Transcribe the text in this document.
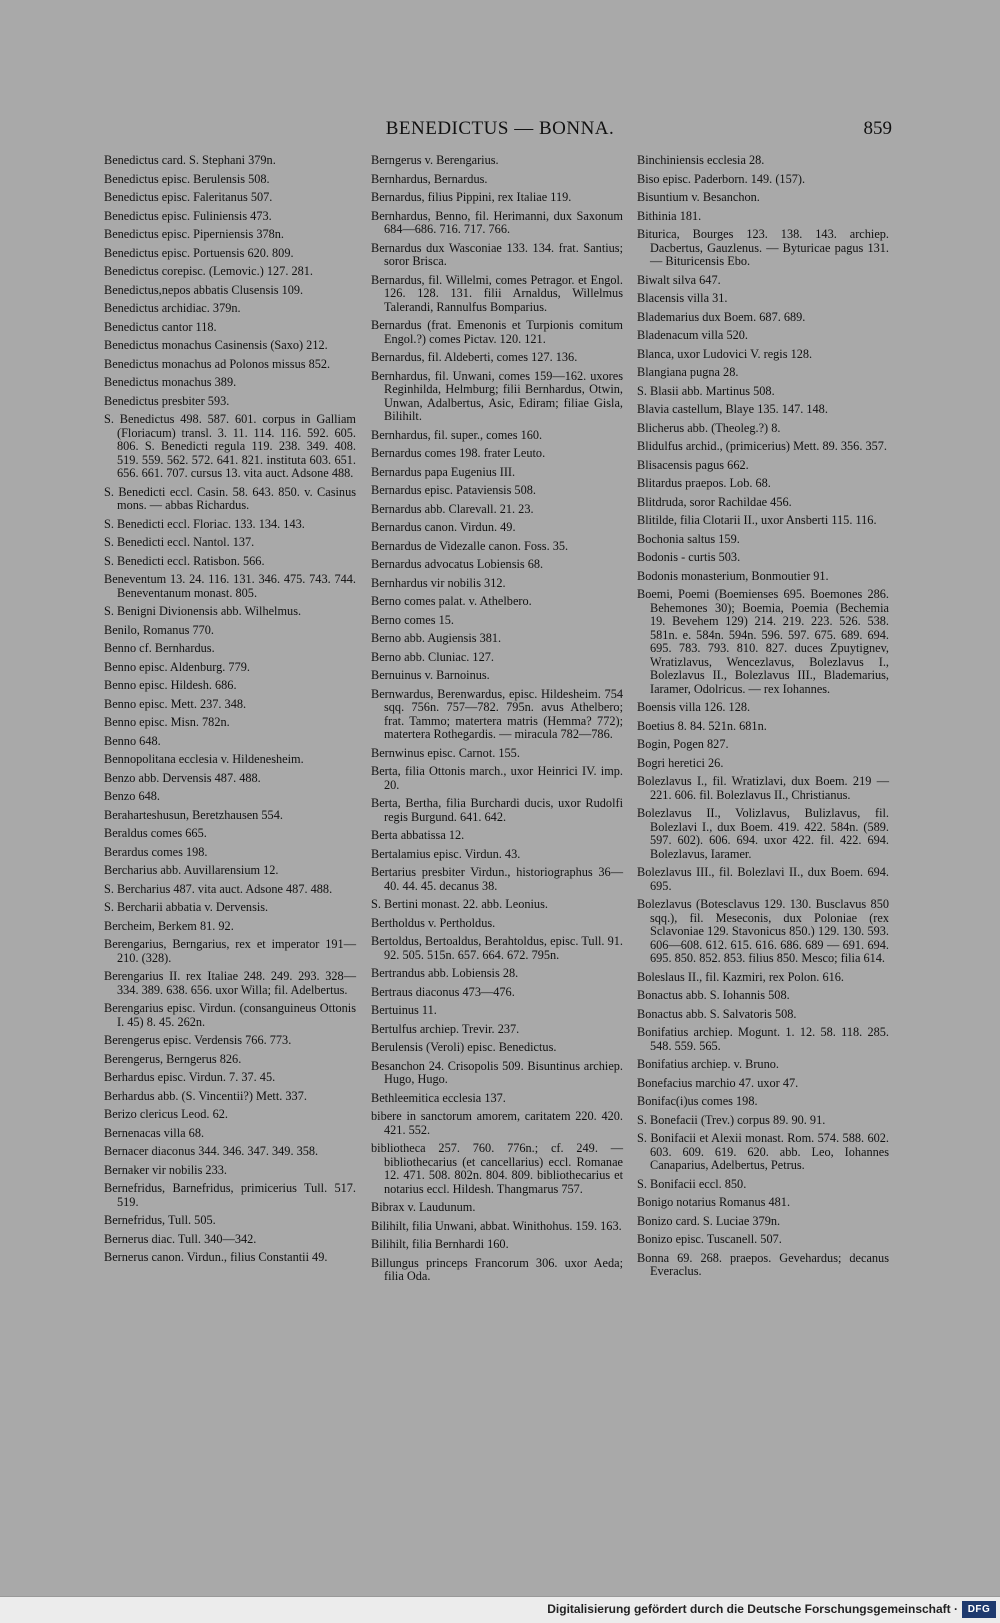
BENEDICTUS — BONNA.	859
Benedictus card. S. Stephani 379n.
Benedictus episc. Berulensis 508.
Benedictus episc. Faleritanus 507.
Benedictus episc. Fuliniensis 473.
Benedictus episc. Piperniensis 378n.
Benedictus episc. Portuensis 620. 809.
Benedictus corepisc. (Lemovic.) 127. 281.
Benedictus,nepos abbatis Clusensis 109.
Benedictus archidiac. 379n.
Benedictus cantor 118.
Benedictus monachus Casinensis (Saxo) 212.
Benedictus monachus ad Polonos missus 852.
Benedictus monachus 389.
Benedictus presbiter 593.
S. Benedictus 498. 587. 601. corpus in Galliam (Floriacum) transl. 3. 11. 114. 116. 592. 605. 806. S. Benedicti regula 119. 238. 349. 408. 519. 559. 562. 572. 641. 821. instituta 603. 651. 656. 661. 707. cursus 13. vita auct. Adsone 488.
S. Benedicti eccl. Casin. 58. 643. 850. v. Casinus mons. — abbas Richardus.
S. Benedicti eccl. Floriac. 133. 134. 143.
S. Benedicti eccl. Nantol. 137.
S. Benedicti eccl. Ratisbon. 566.
Beneventum 13. 24. 116. 131. 346. 475. 743. 744. Beneventanum monast. 805.
S. Benigni Divionensis abb. Wilhelmus.
Benilo, Romanus 770.
Benno cf. Bernhardus.
Benno episc. Aldenburg. 779.
Benno episc. Hildesh. 686.
Benno episc. Mett. 237. 348.
Benno episc. Misn. 782n.
Benno 648.
Bennopolitana ecclesia v. Hildenesheim.
Benzo abb. Dervensis 487. 488.
Benzo 648.
Beraharteshusun, Beretzhausen 554.
Beraldus comes 665.
Berardus comes 198.
Bercharius abb. Auvillarensium 12.
S. Bercharius 487. vita auct. Adsone 487. 488.
S. Bercharii abbatia v. Dervensis.
Bercheim, Berkem 81. 92.
Berengarius, Berngarius, rex et imperator 191—210. (328).
Berengarius II. rex Italiae 248. 249. 293. 328—334. 389. 638. 656. uxor Willa; fil. Adelbertus.
Berengarius episc. Virdun. (consanguineus Ottonis I. 45) 8. 45. 262n.
Berengerus episc. Verdensis 766. 773.
Berengerus, Berngerus 826.
Berhardus episc. Virdun. 7. 37. 45.
Berhardus abb. (S. Vincentii?) Mett. 337.
Berizo clericus Leod. 62.
Bernenacas villa 68.
Bernacer diaconus 344. 346. 347. 349. 358.
Bernaker vir nobilis 233.
Bernefridus, Barnefridus, primicerius Tull. 517. 519.
Bernefridus, Tull. 505.
Bernerus diac. Tull. 340—342.
Bernerus canon. Virdun., filius Constantii 49.
Berngerus v. Berengarius.
Bernhardus, Bernardus.
Bernardus, filius Pippini, rex Italiae 119.
Bernhardus, Benno, fil. Herimanni, dux Saxonum 684—686. 716. 717. 766.
Bernardus dux Wasconiae 133. 134. frat. Santius; soror Brisca.
Bernardus, fil. Willelmi, comes Petragor. et Engol. 126. 128. 131. filii Arnaldus, Willelmus Talerandi, Rannulfus Bomparius.
Bernardus (frat. Emenonis et Turpionis comitum Engol.?) comes Pictav. 120. 121.
Bernardus, fil. Aldeberti, comes 127. 136.
Bernhardus, fil. Unwani, comes 159—162. uxores Reginhilda, Helmburg; filii Bernhardus, Otwin, Unwan, Adalbertus, Asic, Ediram; filiae Gisla, Bilihilt.
Bernhardus, fil. super., comes 160.
Bernardus comes 198. frater Leuto.
Bernardus papa Eugenius III.
Bernardus episc. Pataviensis 508.
Bernardus abb. Clarevall. 21. 23.
Bernardus canon. Virdun. 49.
Bernardus de Videzalle canon. Foss. 35.
Bernardus advocatus Lobiensis 68.
Bernhardus vir nobilis 312.
Berno comes palat. v. Athelbero.
Berno comes 15.
Berno abb. Augiensis 381.
Berno abb. Cluniac. 127.
Bernuinus v. Barnoinus.
Bernwardus, Berenwardus, episc. Hildesheim. 754 sqq. 756n. 757—782. 795n. avus Athelbero; frat. Tammo; matertera matris (Hemma? 772); matertera Rothegardis. — miracula 782—786.
Bernwinus episc. Carnot. 155.
Berta, filia Ottonis march., uxor Heinrici IV. imp. 20.
Berta, Bertha, filia Burchardi ducis, uxor Rudolfi regis Burgund. 641. 642.
Berta abbatissa 12.
Bertalamius episc. Virdun. 43.
Bertarius presbiter Virdun., historiographus 36—40. 44. 45. decanus 38.
S. Bertini monast. 22. abb. Leonius.
Bertholdus v. Pertholdus.
Bertoldus, Bertoaldus, Berahtoldus, episc. Tull. 91. 92. 505. 515n. 657. 664. 672. 795n.
Bertrandus abb. Lobiensis 28.
Bertraus diaconus 473—476.
Bertuinus 11.
Bertulfus archiep. Trevir. 237.
Berulensis (Veroli) episc. Benedictus.
Besanchon 24. Crisopolis 509. Bisuntinus archiep. Hugo, Hugo.
Bethleemitica ecclesia 137.
bibere in sanctorum amorem, caritatem 220. 420. 421. 552.
bibliotheca 257. 760. 776n.; cf. 249. — bibliothecarius (et cancellarius) eccl. Romanae 12. 471. 508. 802n. 804. 809. bibliothecarius et notarius eccl. Hildesh. Thangmarus 757.
Bibrax v. Laudunum.
Bilihilt, filia Unwani, abbat. Winithohus. 159. 163.
Bilihilt, filia Bernhardi 160.
Billungus princeps Francorum 306. uxor Aeda; filia Oda.
Binchiniensis ecclesia 28.
Biso episc. Paderborn. 149. (157).
Bisuntium v. Besanchon.
Bithinia 181.
Biturica, Bourges 123. 138. 143. archiep. Dacbertus, Gauzlenus. — Byturicae pagus 131. — Bituricensis Ebo.
Biwalt silva 647.
Blacensis villa 31.
Blademarius dux Boem. 687. 689.
Bladenacum villa 520.
Blanca, uxor Ludovici V. regis 128.
Blangiana pugna 28.
S. Blasii abb. Martinus 508.
Blavia castellum, Blaye 135. 147. 148.
Blicherus abb. (Theoleg.?) 8.
Blidulfus archid., (primicerius) Mett. 89. 356. 357.
Blisacensis pagus 662.
Blitardus praepos. Lob. 68.
Blitdruda, soror Rachildae 456.
Blitilde, filia Clotarii II., uxor Ansberti 115. 116.
Bochonia saltus 159.
Bodonis - curtis 503.
Bodonis monasterium, Bonmoutier 91.
Boemi, Poemi (Boemienses 695. Boemones 286. Behemones 30); Boemia, Poemia (Bechemia 19. Bevehem 129) 214. 219. 223. 526. 538. 581n. e. 584n. 594n. 596. 597. 675. 689. 694. 695. 783. 793. 810. 827. duces Zpuytignev, Wratizlavus, Wencezlavus, Bolezlavus I., Bolezlavus II., Bolezlavus III., Blademarius, Iaramer, Odolricus. — rex Iohannes.
Boensis villa 126. 128.
Boetius 8. 84. 521n. 681n.
Bogin, Pogen 827.
Bogri heretici 26.
Bolezlavus I., fil. Wratizlavi, dux Boem. 219 — 221. 606. fil. Bolezlavus II., Christianus.
Bolezlavus II., Volizlavus, Bulizlavus, fil. Bolezlavi I., dux Boem. 419. 422. 584n. (589. 597. 602). 606. 694. uxor 422. fil. 422. 694. Bolezlavus, Iaramer.
Bolezlavus III., fil. Bolezlavi II., dux Boem. 694. 695.
Bolezlavus (Botesclavus 129. 130. Busclavus 850 sqq.), fil. Meseconis, dux Poloniae (rex Sclavoniae 129. Stavonicus 850.) 129. 130. 593. 606—608. 612. 615. 616. 686. 689 — 691. 694. 695. 850. 852. 853. filius 850. Mesco; filia 614.
Boleslaus II., fil. Kazmiri, rex Polon. 616.
Bonactus abb. S. Iohannis 508.
Bonactus abb. S. Salvatoris 508.
Bonifatius archiep. Mogunt. 1. 12. 58. 118. 285. 548. 559. 565.
Bonifatius archiep. v. Bruno.
Bonefacius marchio 47. uxor 47.
Bonifac(i)us comes 198.
S. Bonefacii (Trev.) corpus 89. 90. 91.
S. Bonifacii et Alexii monast. Rom. 574. 588. 602. 603. 609. 619. 620. abb. Leo, Iohannes Canaparius, Adelbertus, Petrus.
S. Bonifacii eccl. 850.
Bonigo notarius Romanus 481.
Bonizo card. S. Luciae 379n.
Bonizo episc. Tuscanell. 507.
Bonna 69. 268. praepos. Gevehardus; decanus Everaclus.
Digitalisierung gefördert durch die Deutsche Forschungsgemeinschaft · DFG
